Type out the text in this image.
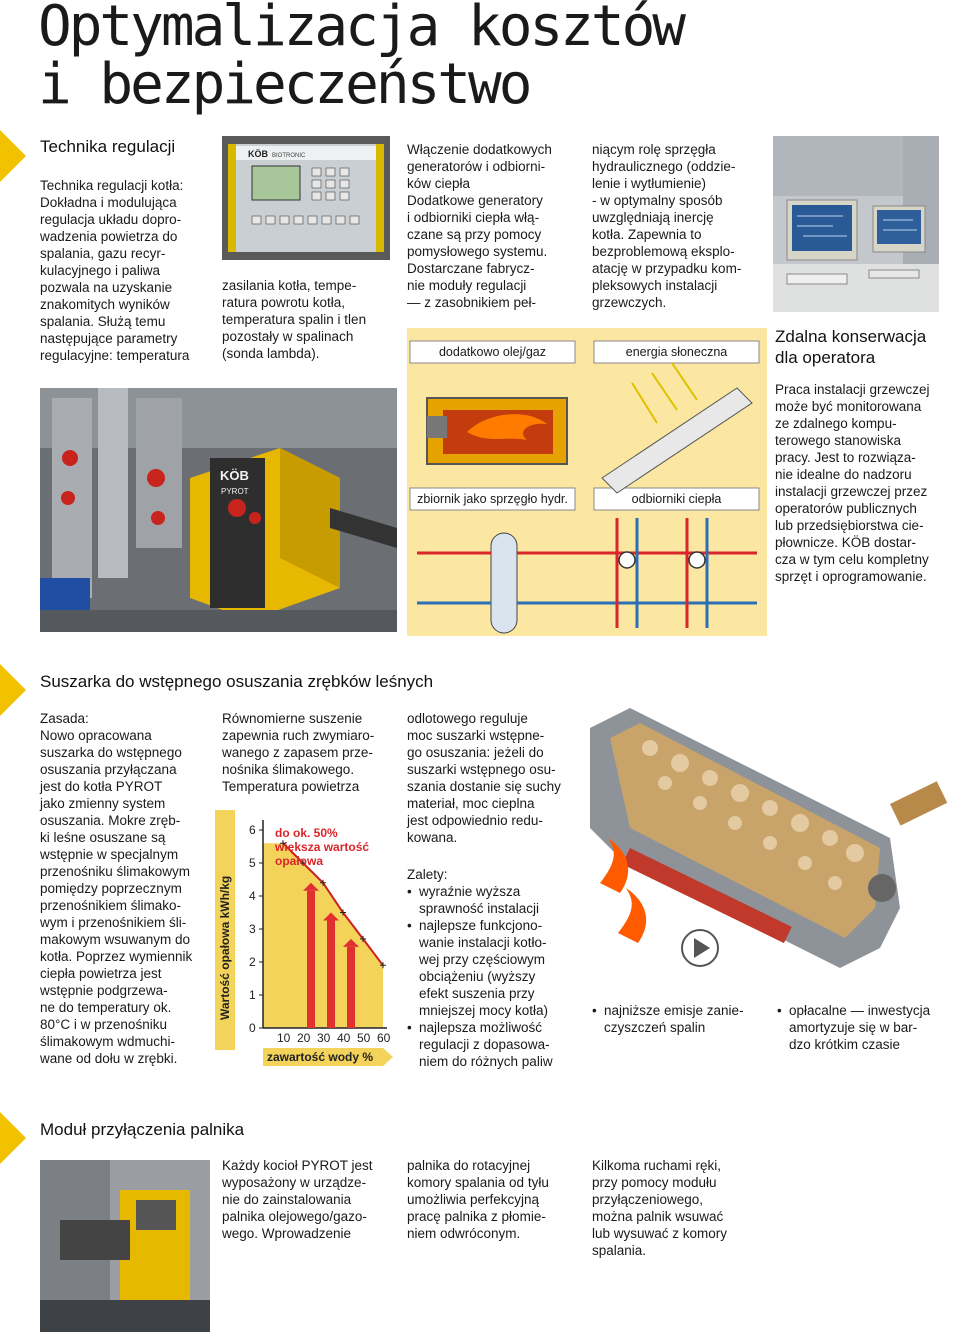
Optymalizacja kosztów
i bezpieczeństwo
Technika regulacji
Technika regulacji kotła:
Dokładna i modulująca
regulacja układu dopro-
wadzenia powietrza do
spalania, gazu recyr-
kulacyjnego i paliwa
pozwala na uzyskanie
znakomitych wyników
spalania. Służą temu
następujące parametry
regulacyjne: temperatura
KÖB BIOTRONIC
zasilania kotła, tempe-
ratura powrotu kotła,
temperatura spalin i tlen
pozostały w spalinach
(sonda lambda).
Włączenie dodatkowych
generatorów i odbiorni-
ków ciepła
Dodatkowe generatory
i odbiorniki ciepła włą-
czane są przy pomocy
pomysłowego systemu.
Dostarczane fabrycz-
nie moduły regulacji
— z zasobnikiem peł-
niącym rolę sprzęgła
hydraulicznego (oddzie-
lenie i wytłumienie)
- w optymalny sposób
uwzględniają inercję
kotła. Zapewnia to
bezproblemową eksplo-
atację w przypadku kom-
pleksowych instalacji
grzewczych.
Zdalna konserwacja
dla operatora
Praca instalacji grzewczej
może być monitorowana
ze zdalnego kompu-
terowego stanowiska
pracy. Jest to rozwiąza-
nie idealne do nadzoru
instalacji grzewczej przez
operatorów publicznych
lub przedsiębiorstwa cie-
płowniczе. KÖB dostar-
cza w tym celu kompletny
sprzęt i oprogramowanie.
KÖB
PYROT
dodatkowo olej/gaz	energia słoneczna
zbiornik jako sprzęgło hydr.	odbiorniki ciepła
Suszarka do wstępnego osuszania zrębków leśnych
Zasada:
Nowo opracowana
suszarka do wstępnego
osuszania przyłączana
jest do kotła PYROT
jako zmienny system
osuszania. Mokre zręb-
ki leśne osuszane są
wstępnie w specjalnym
przenośniku ślimakowym
pomiędzy poprzecznym
przenośnikiem ślimako-
wym i przenośnikiem śli-
makowym wsuwanym do
kotła. Poprzez wymiennik
ciepła powietrza jest
wstępnie podgrzewa-
ne do temperatury ok.
80°C i w przenośniku
ślimakowym wdmuchi-
wane od dołu w zrębki.
Równomierne suszenie
zapewnia ruch zwymiaro-
wanego z zapasem prze-
nośnika ślimakowego.
Temperatura powietrza
Wartość opałowa kWh/kg
zawartość wody %
0
1
2
3
4
5
6
10 20 30 40 50 60
do ok. 50%
większa wartość
opałowa
odlotowego reguluje
moc suszarki wstępne-
go osuszania: jeżeli do
suszarki wstępnego osu-
szania dostanie się suchy
materiał, moc cieplna
jest odpowiednio redu-
kowana.
Zalety:
• wyraźnie wyższa
sprawność instalacji
• najlepsze funkcjono-
wanie instalacji kotło-
wej przy częściowym
obciążeniu (wyższy
efekt suszenia przy
mniejszej mocy kotła)
• najlepsza możliwość
regulacji z dopasowa-
niem do różnych paliw
• najniższe emisje zanie-
czyszczeń spalin
• opłacalne — inwestycja
amortyzuje się w bar-
dzo krótkim czasie
Moduł przyłączenia palnika
Każdy kocioł PYROT jest
wyposażony w urządze-
nie do zainstalowania
palnika olejowego/gazo-
wego. Wprowadzenie
palnika do rotacyjnej
komory spalania od tyłu
umożliwia perfekcyjną
pracę palnika z płomie-
niem odwróconym.
Kilkoma ruchami ręki,
przy pomocy modułu
przyłączeniowego,
można palnik wsuwać
lub wysuwać z komory
spalania.
